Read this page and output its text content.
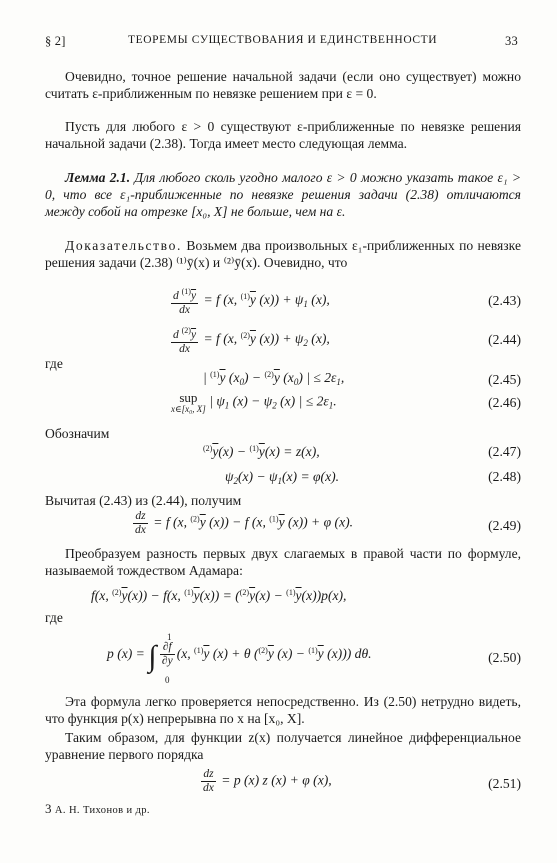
§ 2]	ТЕОРЕМЫ СУЩЕСТВОВАНИЯ И ЕДИНСТВЕННОСТИ	33
Очевидно, точное решение начальной задачи (если оно существует) можно считать ε-приближенным по невязке решением при ε = 0.
Пусть для любого ε > 0 существуют ε-приближенные по невязке решения начальной задачи (2.38). Тогда имеет место следующая лемма.
Лемма 2.1. Для любого сколь угодно малого ε > 0 можно указать такое ε₁ > 0, что все ε₁-приближенные по невязке решения задачи (2.38) отличаются между собой на отрезке [x₀, X] не больше, чем на ε.
Доказательство. Возьмем два произвольных ε₁-приближенных по невязке решения задачи (2.38) ⁽¹⁾ȳ(x) и ⁽²⁾ȳ(x). Очевидно, что
$\frac{d ^{(1)}\overline{y}}{dx} = f$ (x, $^{(1)}\overline{y}$ $(x)) + \psi_1$ (x),	(2.43)
$\frac{d ^{(2)}\overline{y}}{dx} = f$ (x, $^{(2)}\overline{y}$ $(x)) + \psi_2$ (x),	(2.44)
где
| $^{(1)}\overline{y}$ $(x_0) - ^{(2)}\overline{y}$ $(x_0)$ | ≤ $2\varepsilon_1$,	(2.45)
sup
x∈[x₀, X]
| $\psi_1$ $(x) - \psi_2$ (x) | ≤ $2\varepsilon_1$.	(2.46)
Обозначим
$^{(2)}\overline{y}(x) - ^{(1)}\overline{y}(x) = z(x)$,	(2.47)
$\psi_2(x) - \psi_1(x) = \varphi(x)$.	(2.48)
Вычитая (2.43) из (2.44), получим
$\frac{dz}{dx} = f$ (x, $^{(2)}\overline{y}$ (x)) − f (x, $^{(1)}\overline{y}$ (x)) + φ (x).	(2.49)
Преобразуем разность первых двух слагаемых в правой части по формуле, называемой тождеством Адамара:
f(x, $^{(2)}\overline{y}(x)) - f(x$, $^{(1)}\overline{y}(x)) = (^{(2)}\overline{y}(x) - ^{(1)}\overline{y}(x))p(x)$,
где
p (x) = ∫ $\frac{\partial f}{\partial y} (x$, $^{(1)}\overline{y}$ (x) + θ ($^{(2)}\overline{y}$ $(x) - ^{(1)}\overline{y}$ (x))) dθ.
1
0
(2.50)
Эта формула легко проверяется непосредственно. Из (2.50) нетрудно видеть, что функция p(x) непрерывна по x на [x₀, X].
Таким образом, для функции z(x) получается линейное дифференциальное уравнение первого порядка
$\frac{dz}{dx} = p$ (x) z (x) + φ (x),	(2.51)
3 А. Н. Тихонов и др.
